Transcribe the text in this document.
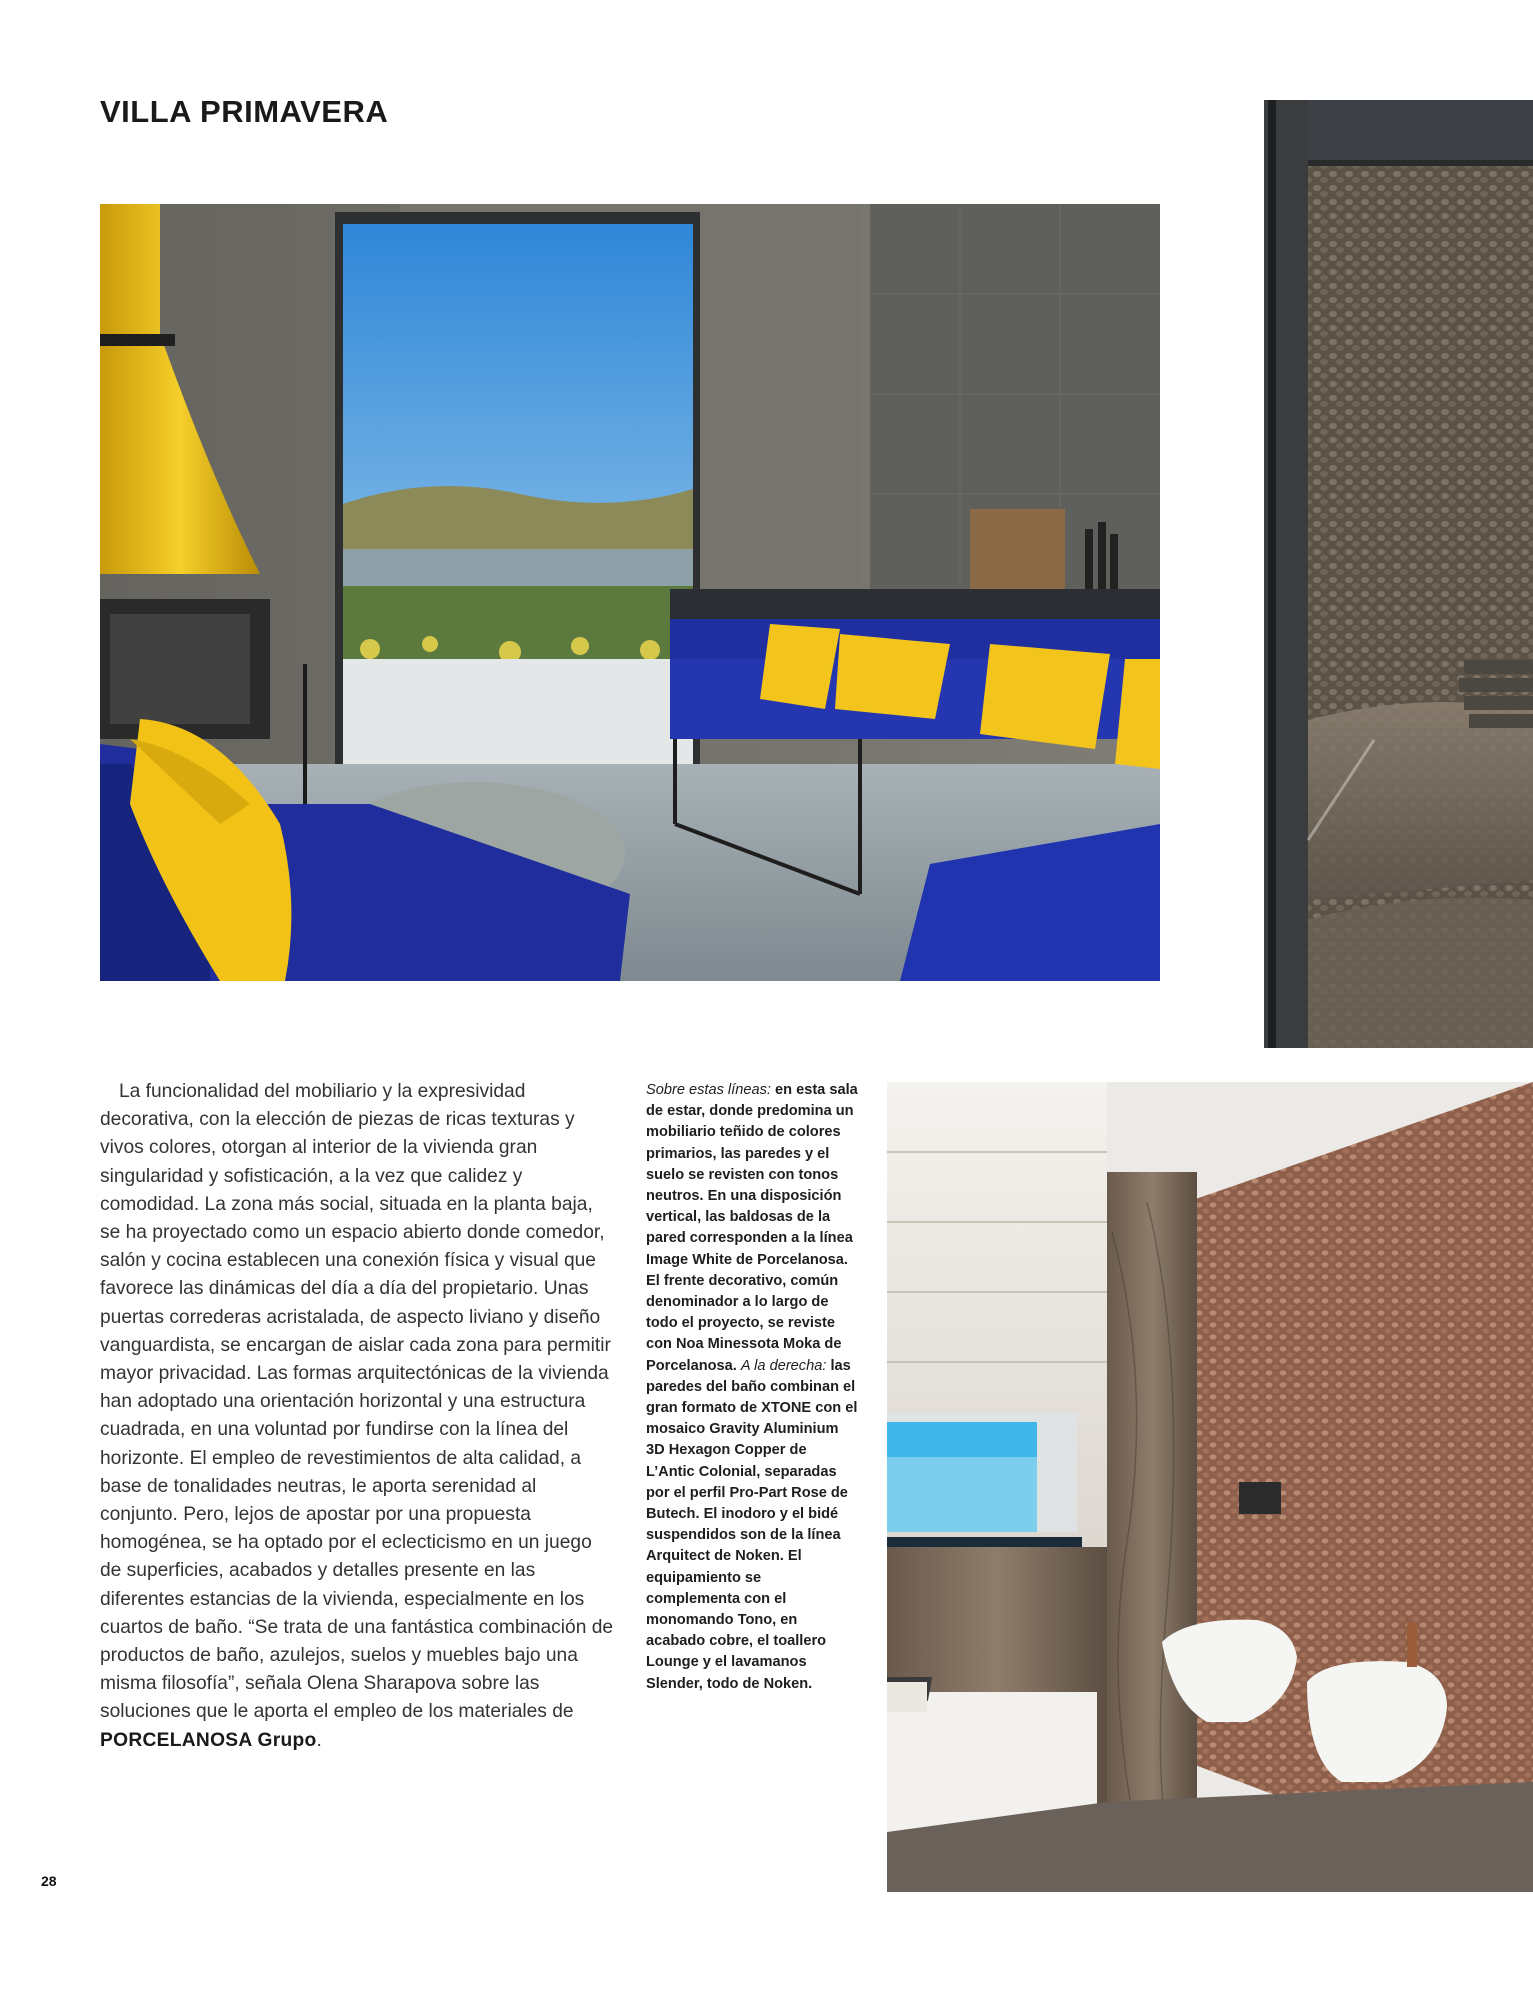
VILLA PRIMAVERA

La funcionalidad del mobiliario y la expresividad decorativa, con la elección de piezas de ricas texturas y vivos colores, otorgan al interior de la vivienda gran singularidad y sofisticación, a la vez que calidez y comodidad. La zona más social, situada en la planta baja, se ha proyectado como un espacio abierto donde comedor, salón y cocina establecen una conexión física y visual que favorece las dinámicas del día a día del propietario. Unas puertas correderas acristalada, de aspecto liviano y diseño vanguardista, se encargan de aislar cada zona para permitir mayor privacidad. Las formas arquitectónicas de la vivienda han adoptado una orientación horizontal y una estructura cuadrada, en una voluntad por fundirse con la línea del horizonte. El empleo de revestimientos de alta calidad, a base de tonalidades neutras, le aporta serenidad al conjunto. Pero, lejos de apostar por una propuesta homogénea, se ha optado por el eclecticismo en un juego de superficies, acabados y detalles presente en las diferentes estancias de la vivienda, especialmente en los cuartos de baño. “Se trata de una fantástica combinación de productos de baño, azulejos, suelos y muebles bajo una misma filosofía”, señala Olena Sharapova sobre las soluciones que le aporta el empleo de los materiales de PORCELANOSA Grupo.

Sobre estas líneas: en esta sala de estar, donde predomina un mobiliario teñido de colores primarios, las paredes y el suelo se revisten con tonos neutros. En una disposición vertical, las baldosas de la pared corresponden a la línea Image White de Porcelanosa. El frente decorativo, común denominador a lo largo de todo el proyecto, se reviste con Noa Minessota Moka de Porcelanosa. A la derecha: las paredes del baño combinan el gran formato de XTONE con el mosaico Gravity Aluminium 3D Hexagon Copper de L’Antic Colonial, separadas por el perfil Pro-Part Rose de Butech. El inodoro y el bidé suspendidos son de la línea Arquitect de Noken. El equipamiento se complementa con el monomando Tono, en acabado cobre, el toallero Lounge y el lavamanos Slender, todo de Noken.

28
